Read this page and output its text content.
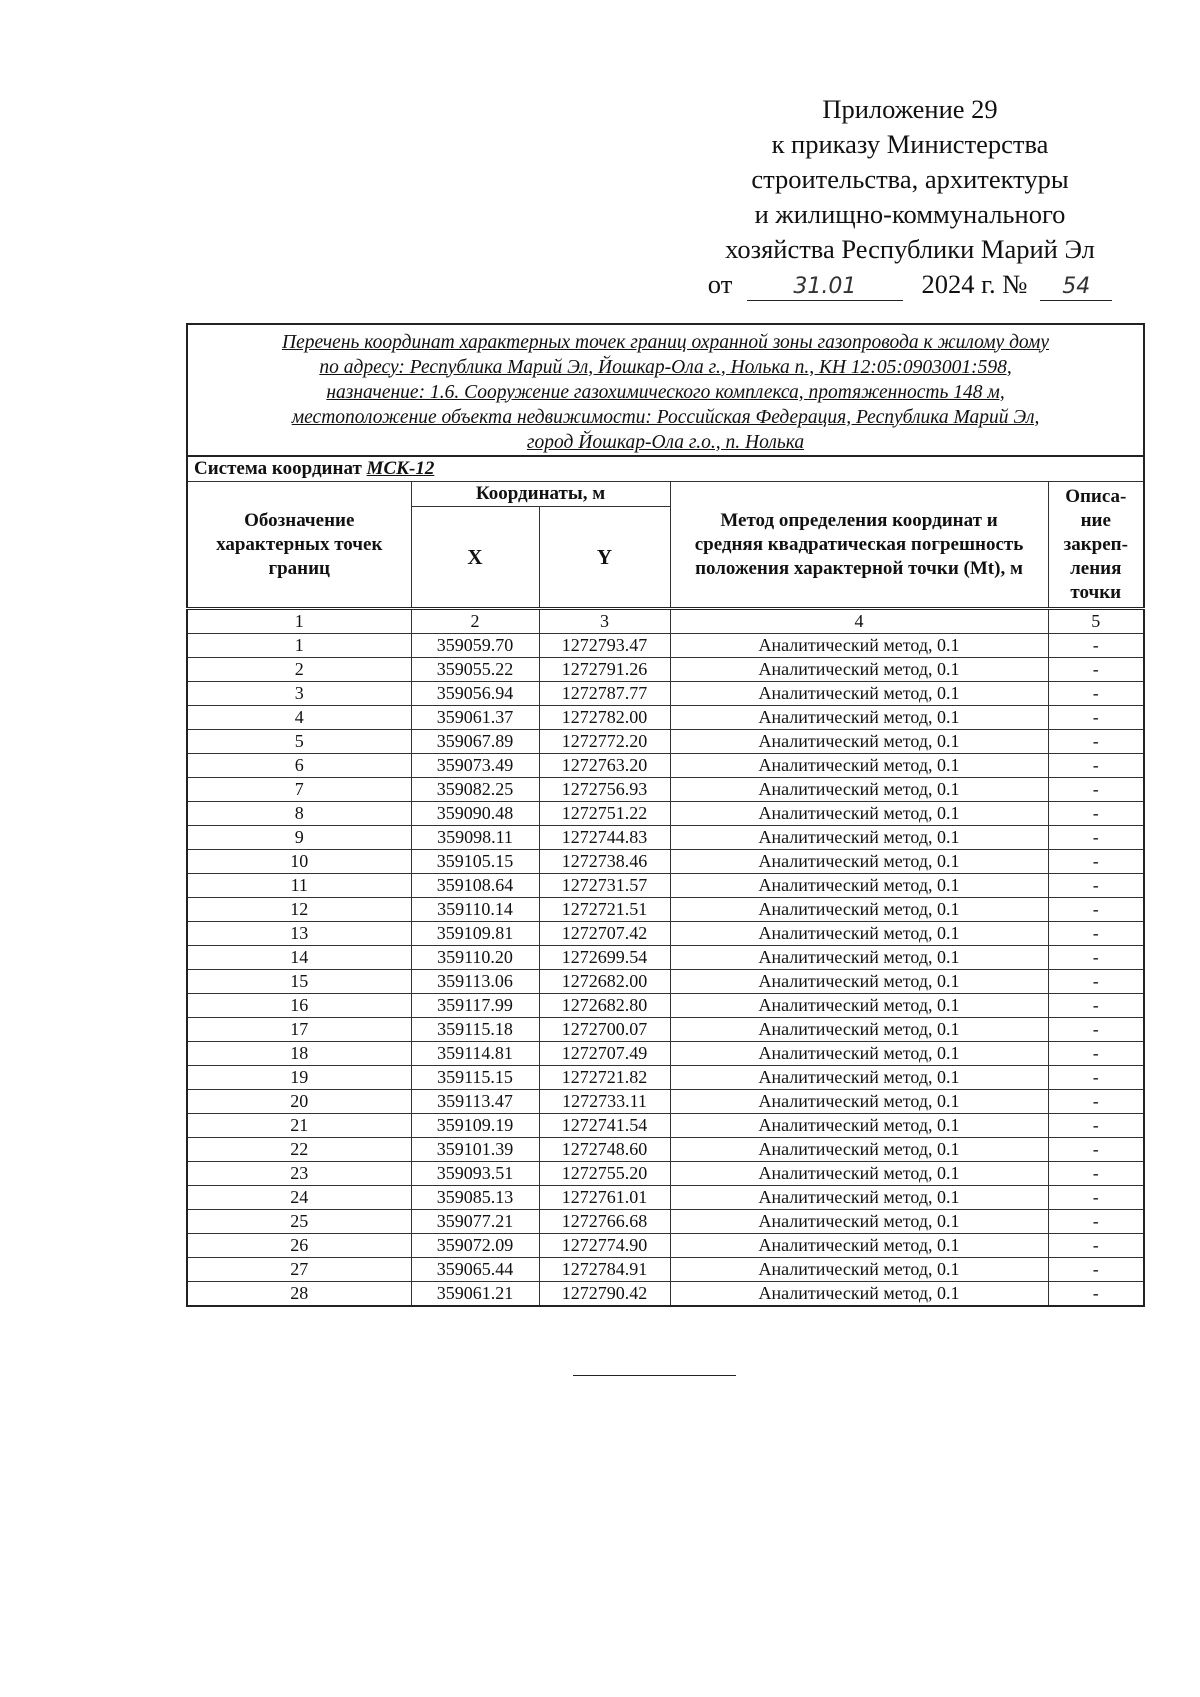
Приложение 29
к приказу Министерства
строительства, архитектуры
и жилищно-коммунального
хозяйства Республики Марий Эл
от	31.01 2024 г. № 54
Перечень координат характерных точек границ охранной зоны газопровода к жилому дому
по адресу: Республика Марий Эл, Йошкар-Ола г., Нолька п., КН 12:05:0903001:598,
назначение: 1.6. Сооружение газохимического комплекса, протяженность 148 м,
местоположение объекта недвижимости: Российская Федерация, Республика Марий Эл,
город Йошкар-Ола г.о., п. Нолька				

Система координат МСК-12				
Обозначение характерных точек границ	Координаты, м		Метод определения координат и средняя квадратическая погрешность положения характерной точки (Mt), м	Описа-ние закреп-ления точки
	X	Y		
1	2	3	4	5
1	359059.70	1272793.47	Аналитический метод, 0.1	-
2	359055.22	1272791.26	Аналитический метод, 0.1	-
3	359056.94	1272787.77	Аналитический метод, 0.1	-
4	359061.37	1272782.00	Аналитический метод, 0.1	-
5	359067.89	1272772.20	Аналитический метод, 0.1	-
6	359073.49	1272763.20	Аналитический метод, 0.1	-
7	359082.25	1272756.93	Аналитический метод, 0.1	-
8	359090.48	1272751.22	Аналитический метод, 0.1	-
9	359098.11	1272744.83	Аналитический метод, 0.1	-
10	359105.15	1272738.46	Аналитический метод, 0.1	-
11	359108.64	1272731.57	Аналитический метод, 0.1	-
12	359110.14	1272721.51	Аналитический метод, 0.1	-
13	359109.81	1272707.42	Аналитический метод, 0.1	-
14	359110.20	1272699.54	Аналитический метод, 0.1	-
15	359113.06	1272682.00	Аналитический метод, 0.1	-
16	359117.99	1272682.80	Аналитический метод, 0.1	-
17	359115.18	1272700.07	Аналитический метод, 0.1	-
18	359114.81	1272707.49	Аналитический метод, 0.1	-
19	359115.15	1272721.82	Аналитический метод, 0.1	-
20	359113.47	1272733.11	Аналитический метод, 0.1	-
21	359109.19	1272741.54	Аналитический метод, 0.1	-
22	359101.39	1272748.60	Аналитический метод, 0.1	-
23	359093.51	1272755.20	Аналитический метод, 0.1	-
24	359085.13	1272761.01	Аналитический метод, 0.1	-
25	359077.21	1272766.68	Аналитический метод, 0.1	-
26	359072.09	1272774.90	Аналитический метод, 0.1	-
27	359065.44	1272784.91	Аналитический метод, 0.1	-
28	359061.21	1272790.42	Аналитический метод, 0.1	-
